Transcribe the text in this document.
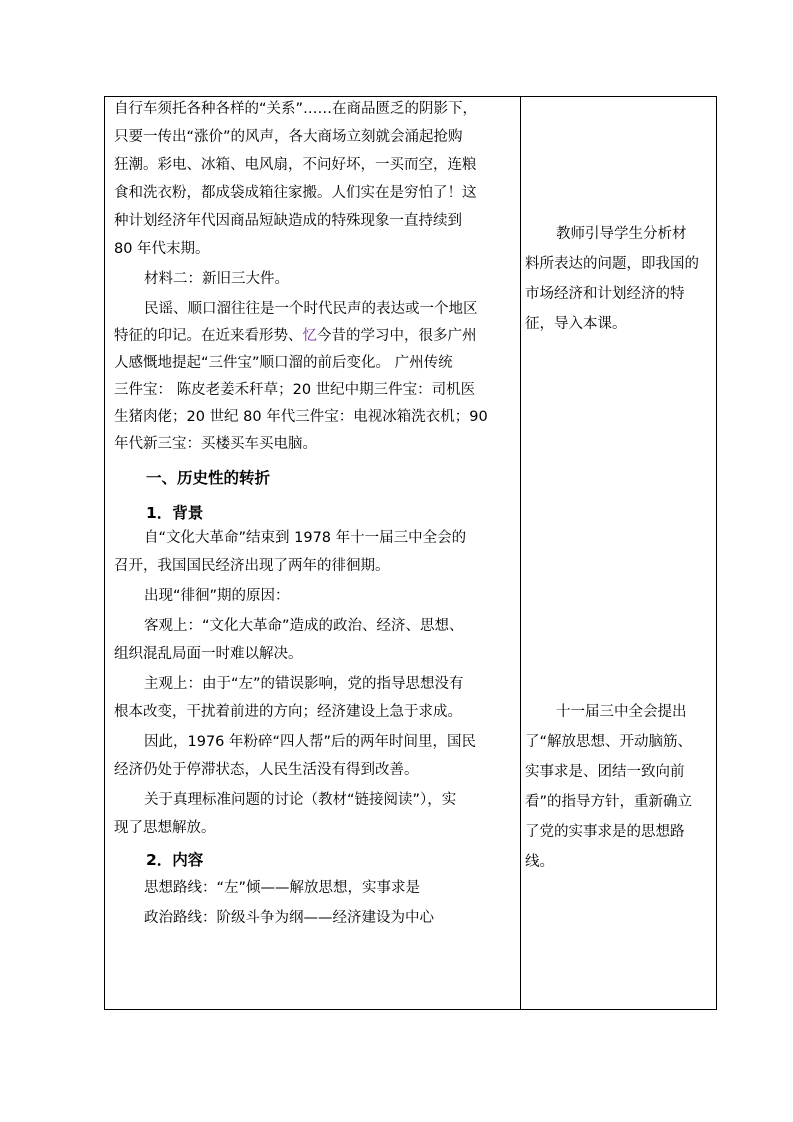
自行车须托各种各样的“关系”……在商品匮乏的阴影下，
只要一传出“涨价”的风声，各大商场立刻就会涌起抢购
狂潮。彩电、冰箱、电风扇，不问好坏，一买而空，连粮
食和洗衣粉，都成袋成箱往家搬。人们实在是穷怕了！这
种计划经济年代因商品短缺造成的特殊现象一直持续到
80 年代末期。
材料二：新旧三大件。
民谣、顺口溜往往是一个时代民声的表达或一个地区
特征的印记。在近来看形势、忆今昔的学习中，很多广州
人感慨地提起“三件宝”顺口溜的前后变化。 广州传统
三件宝： 陈皮老姜禾秆草；20 世纪中期三件宝：司机医
生猪肉佬；20 世纪 80 年代三件宝：电视冰箱洗衣机；90
年代新三宝：买楼买车买电脑。
一、历史性的转折
1．背景
自“文化大革命”结束到 1978 年十一届三中全会的
召开，我国国民经济出现了两年的徘徊期。
出现“徘徊”期的原因：
客观上：“文化大革命”造成的政治、经济、思想、
组织混乱局面一时难以解决。
主观上：由于“左”的错误影响，党的指导思想没有
根本改变，干扰着前进的方向；经济建设上急于求成。
因此，1976 年粉碎“四人帮”后的两年时间里，国民
经济仍处于停滞状态，人民生活没有得到改善。
关于真理标准问题的讨论（教材“链接阅读”），实
现了思想解放。
2．内容
思想路线：“左”倾——解放思想，实事求是
政治路线：阶级斗争为纲——经济建设为中心
教师引导学生分析材
料所表达的问题，即我国的
市场经济和计划经济的特
征，导入本课。
十一届三中全会提出
了“解放思想、开动脑筋、
实事求是、团结一致向前
看”的指导方针，重新确立
了党的实事求是的思想路
线。
